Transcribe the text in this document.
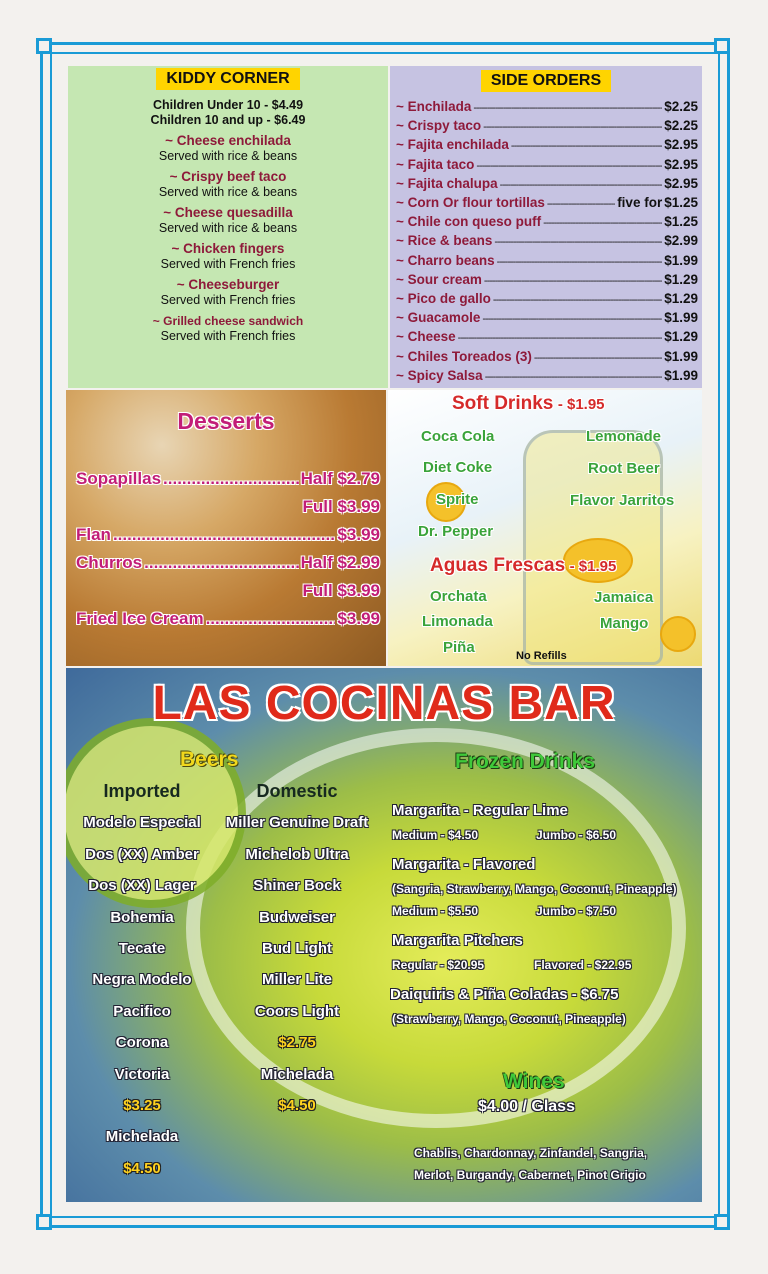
KIDDY CORNER
Children Under 10 - $4.49
Children 10 and up - $6.49
~ Cheese enchilada
Served with rice & beans
~ Crispy beef taco
Served with rice & beans
~ Cheese quesadilla
Served with rice & beans
~ Chicken fingers
Served with French fries
~ Cheeseburger
Served with French fries
~ Grilled cheese sandwich
Served with French fries
SIDE ORDERS
~ Enchilada -----	$2.25
~ Crispy taco -----	$2.25
~ Fajita enchilada -----	$2.95
~ Fajita taco -----	$2.95
~ Fajita chalupa -----	$2.95
~ Corn Or flour tortillas -----	five for $1.25
~ Chile con queso puff -----	$1.25
~ Rice & beans -----	$2.99
~ Charro beans -----	$1.99
~ Sour cream -----	$1.29
~ Pico de gallo -----	$1.29
~ Guacamole -----	$1.99
~ Cheese -----	$1.29
~ Chiles Toreados (3) -----	$1.99
~ Spicy Salsa -----	$1.99
Desserts
Sopapillas .....	Half $2.79
Full $3.99
Flan .....	$3.99
Churros .....	Half $2.99
Full $3.99
Fried Ice Cream .....	$3.99
Soft Drinks - $1.95
Coca Cola
Diet Coke
Sprite
Dr. Pepper
Lemonade
Root Beer
Flavor Jarritos
Aguas Frescas - $1.95
Orchata
Limonada
Piña
Jamaica
Mango
No Refills
LAS COCINAS BAR
Beers
Imported
Modelo Especial
Dos (XX) Amber
Dos (XX) Lager
Bohemia
Tecate
Negra Modelo
Pacifico
Corona
Victoria
$3.25
Michelada
$4.50
Domestic
Miller Genuine Draft
Michelob Ultra
Shiner Bock
Budweiser
Bud Light
Miller Lite
Coors Light
$2.75
Michelada
$4.50
Frozen Drinks
Margarita - Regular Lime
Medium - $4.50	Jumbo - $6.50
Margarita - Flavored
(Sangria, Strawberry, Mango, Coconut, Pineapple)
Medium - $5.50	Jumbo - $7.50
Margarita Pitchers
Regular - $20.95	Flavored - $22.95
Daiquiris & Piña Coladas - $6.75
(Strawberry, Mango, Coconut, Pineapple)
Wines
$4.00 / Glass
Chablis, Chardonnay, Zinfandel, Sangria,
Merlot, Burgandy, Cabernet, Pinot Grigio
